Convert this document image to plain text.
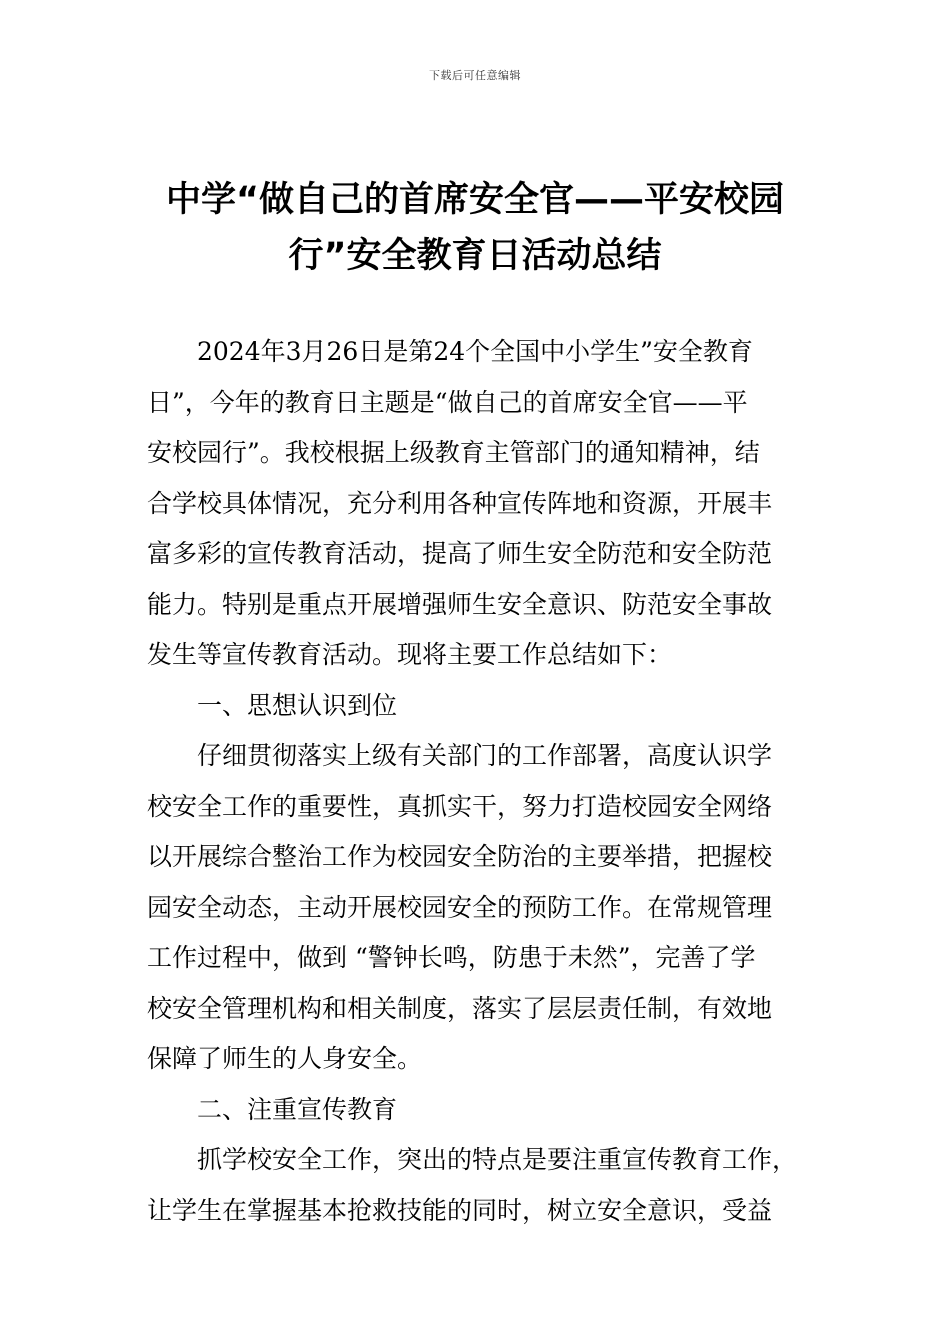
下载后可任意编辑
中学“做自己的首席安全官——平安校园
行”安全教育日活动总结
2024年3月26日是第24个全国中小学生”安全教育
日”，今年的教育日主题是“做自己的首席安全官——平
安校园行”。我校根据上级教育主管部门的通知精神，结
合学校具体情况，充分利用各种宣传阵地和资源，开展丰
富多彩的宣传教育活动，提高了师生安全防范和安全防范
能力。特别是重点开展增强师生安全意识、防范安全事故
发生等宣传教育活动。现将主要工作总结如下：
一、思想认识到位
仔细贯彻落实上级有关部门的工作部署，高度认识学
校安全工作的重要性，真抓实干，努力打造校园安全网络
以开展综合整治工作为校园安全防治的主要举措，把握校
园安全动态，主动开展校园安全的预防工作。在常规管理
工作过程中，做到 “警钟长鸣，防患于未然”，完善了学
校安全管理机构和相关制度，落实了层层责任制，有效地
保障了师生的人身安全。
二、注重宣传教育
抓学校安全工作，突出的特点是要注重宣传教育工作，
让学生在掌握基本抢救技能的同时，树立安全意识，受益
